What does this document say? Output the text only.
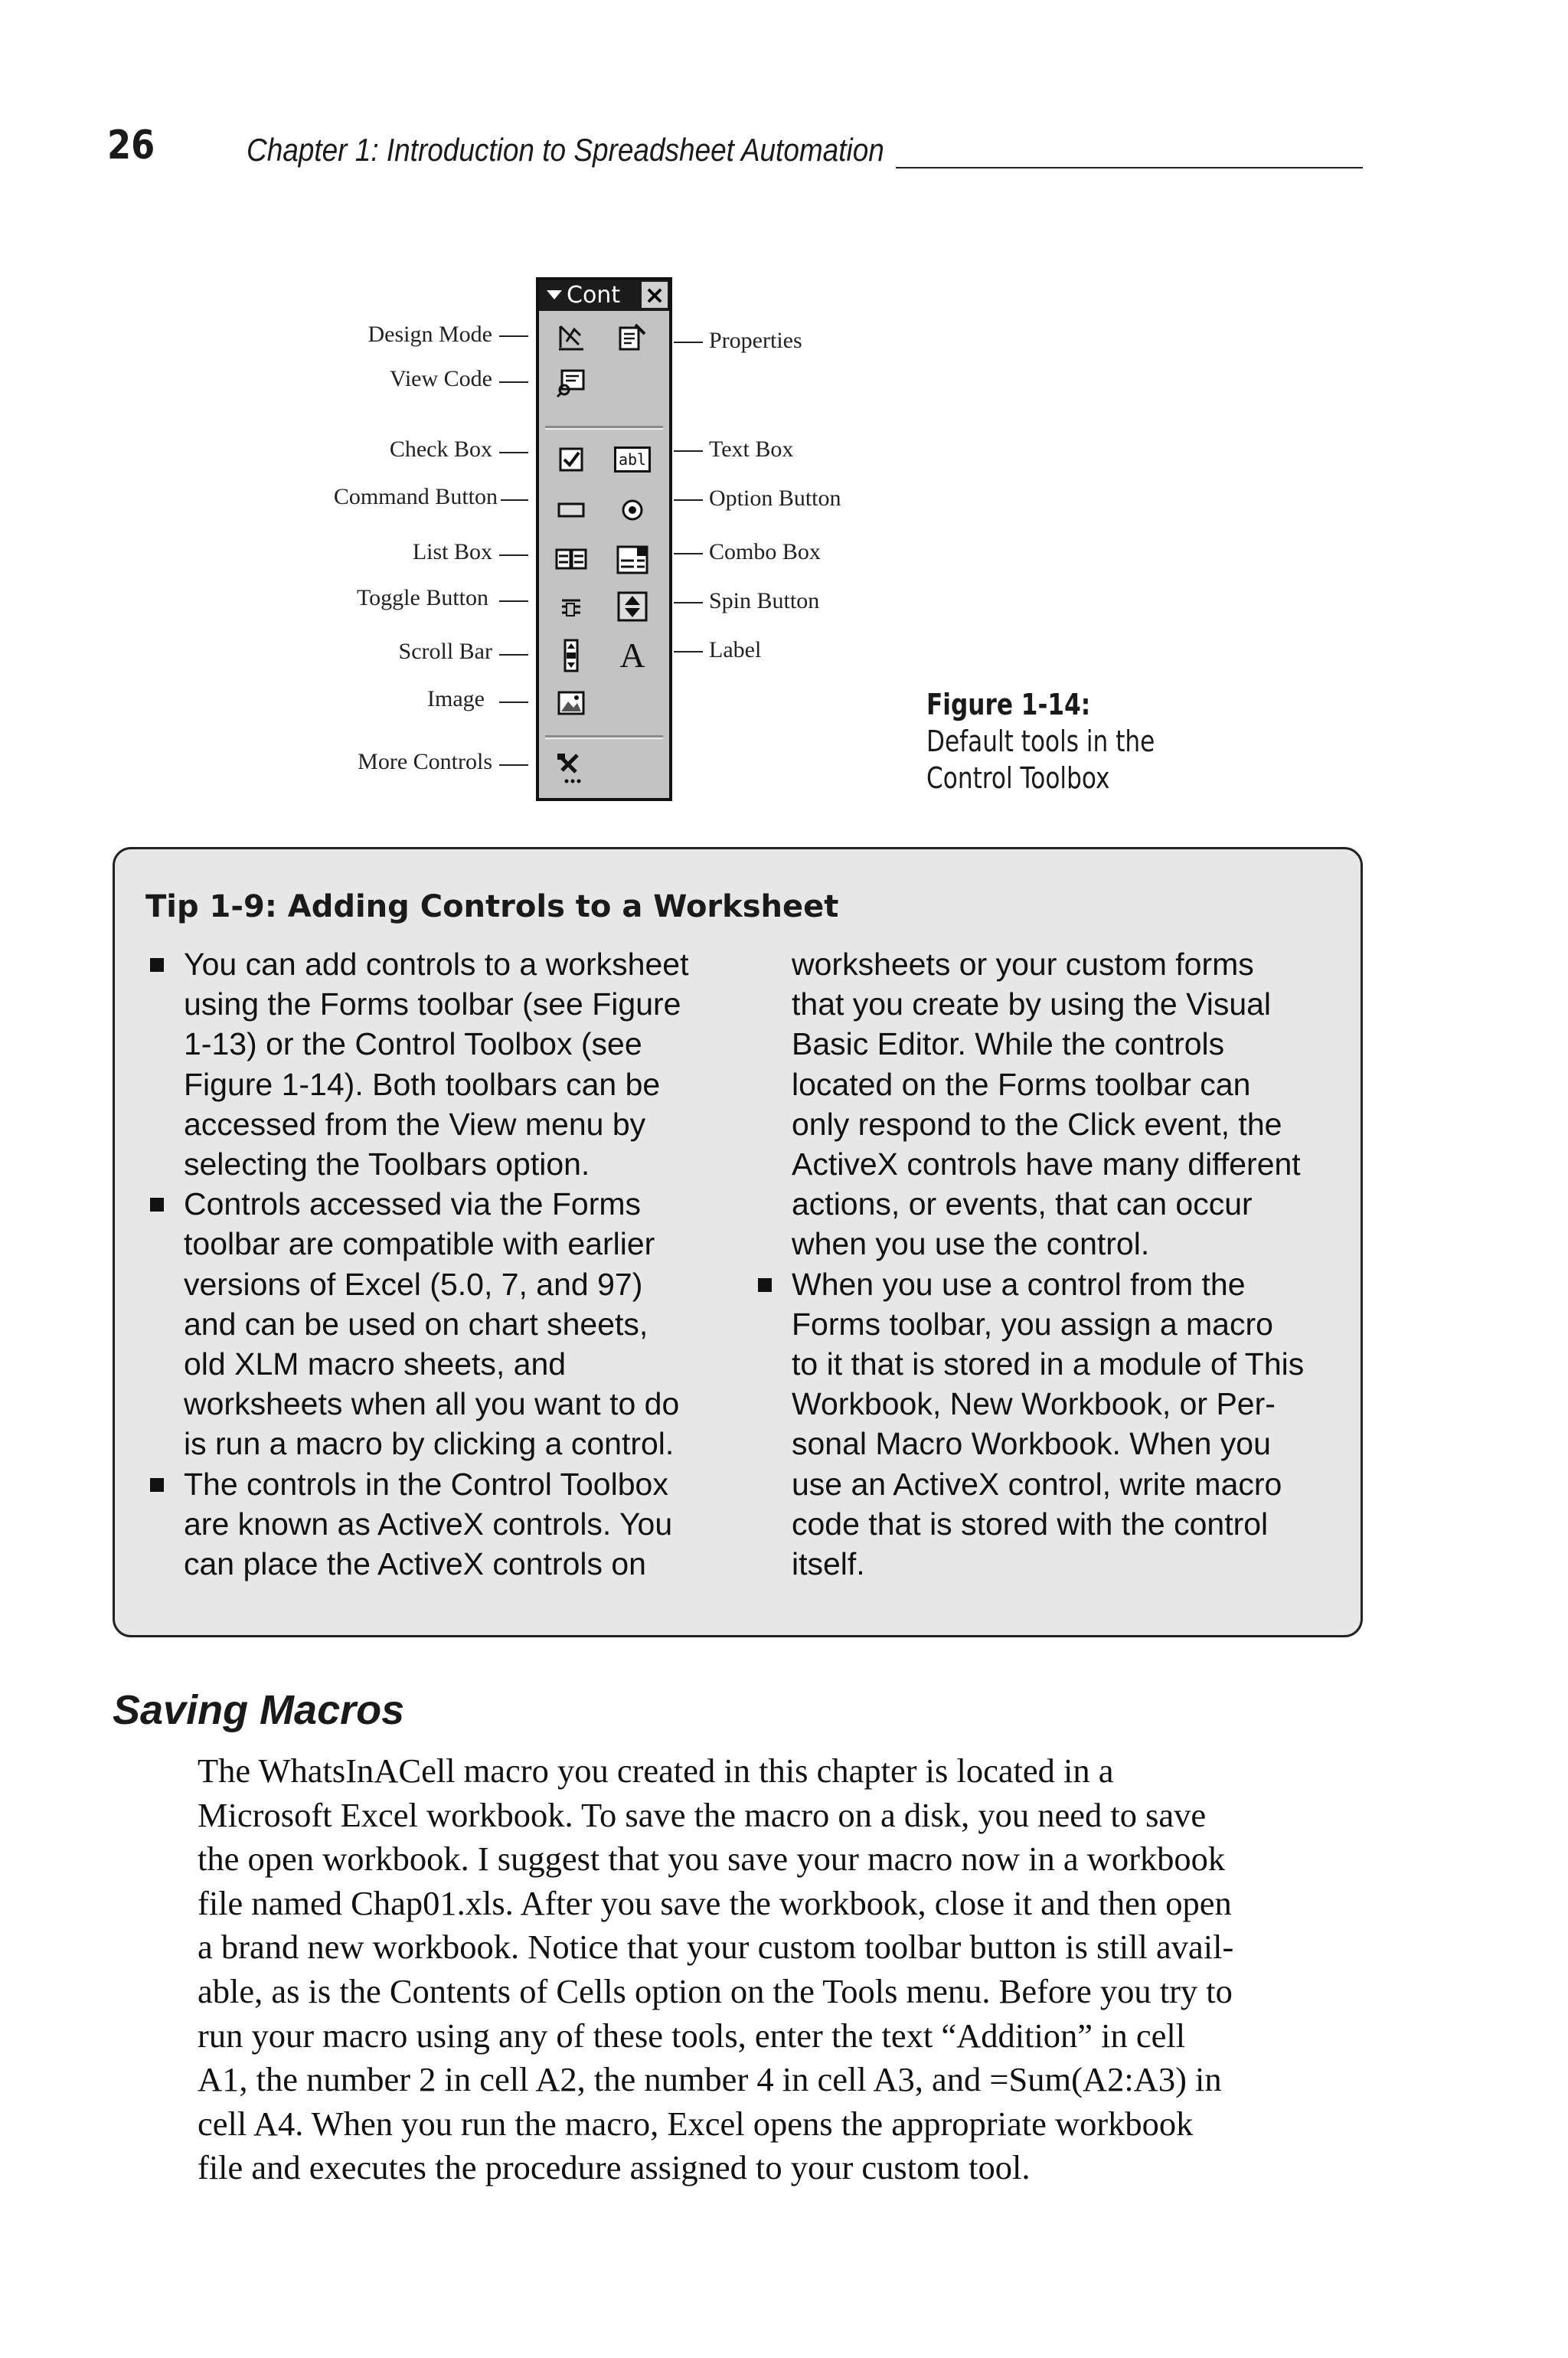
26	Chapter 1: Introduction to Spreadsheet Automation
Cont ×
abl
A
Design Mode
View Code
Check Box
Command Button
List Box
Toggle Button
Scroll Bar
Image
More Controls
Properties
Text Box
Option Button
Combo Box
Spin Button
Label
Figure 1-14:
Default tools in the Control Toolbox
Tip 1-9: Adding Controls to a Worksheet
You can add controls to a worksheet
using the Forms toolbar (see Figure
1-13) or the Control Toolbox (see
Figure 1-14). Both toolbars can be
accessed from the View menu by
selecting the Toolbars option.
Controls accessed via the Forms
toolbar are compatible with earlier
versions of Excel (5.0, 7, and 97)
and can be used on chart sheets,
old XLM macro sheets, and
worksheets when all you want to do
is run a macro by clicking a control.
The controls in the Control Toolbox
are known as ActiveX controls. You
can place the ActiveX controls on
worksheets or your custom forms
that you create by using the Visual
Basic Editor. While the controls
located on the Forms toolbar can
only respond to the Click event, the
ActiveX controls have many different
actions, or events, that can occur
when you use the control.
When you use a control from the
Forms toolbar, you assign a macro
to it that is stored in a module of This
Workbook, New Workbook, or Per-
sonal Macro Workbook. When you
use an ActiveX control, write macro
code that is stored with the control
itself.
Saving Macros
The WhatsInACell macro you created in this chapter is located in a
Microsoft Excel workbook. To save the macro on a disk, you need to save
the open workbook. I suggest that you save your macro now in a workbook
file named Chap01.xls. After you save the workbook, close it and then open
a brand new workbook. Notice that your custom toolbar button is still avail-
able, as is the Contents of Cells option on the Tools menu. Before you try to
run your macro using any of these tools, enter the text “Addition” in cell
A1, the number 2 in cell A2, the number 4 in cell A3, and =Sum(A2:A3) in
cell A4. When you run the macro, Excel opens the appropriate workbook
file and executes the procedure assigned to your custom tool.
